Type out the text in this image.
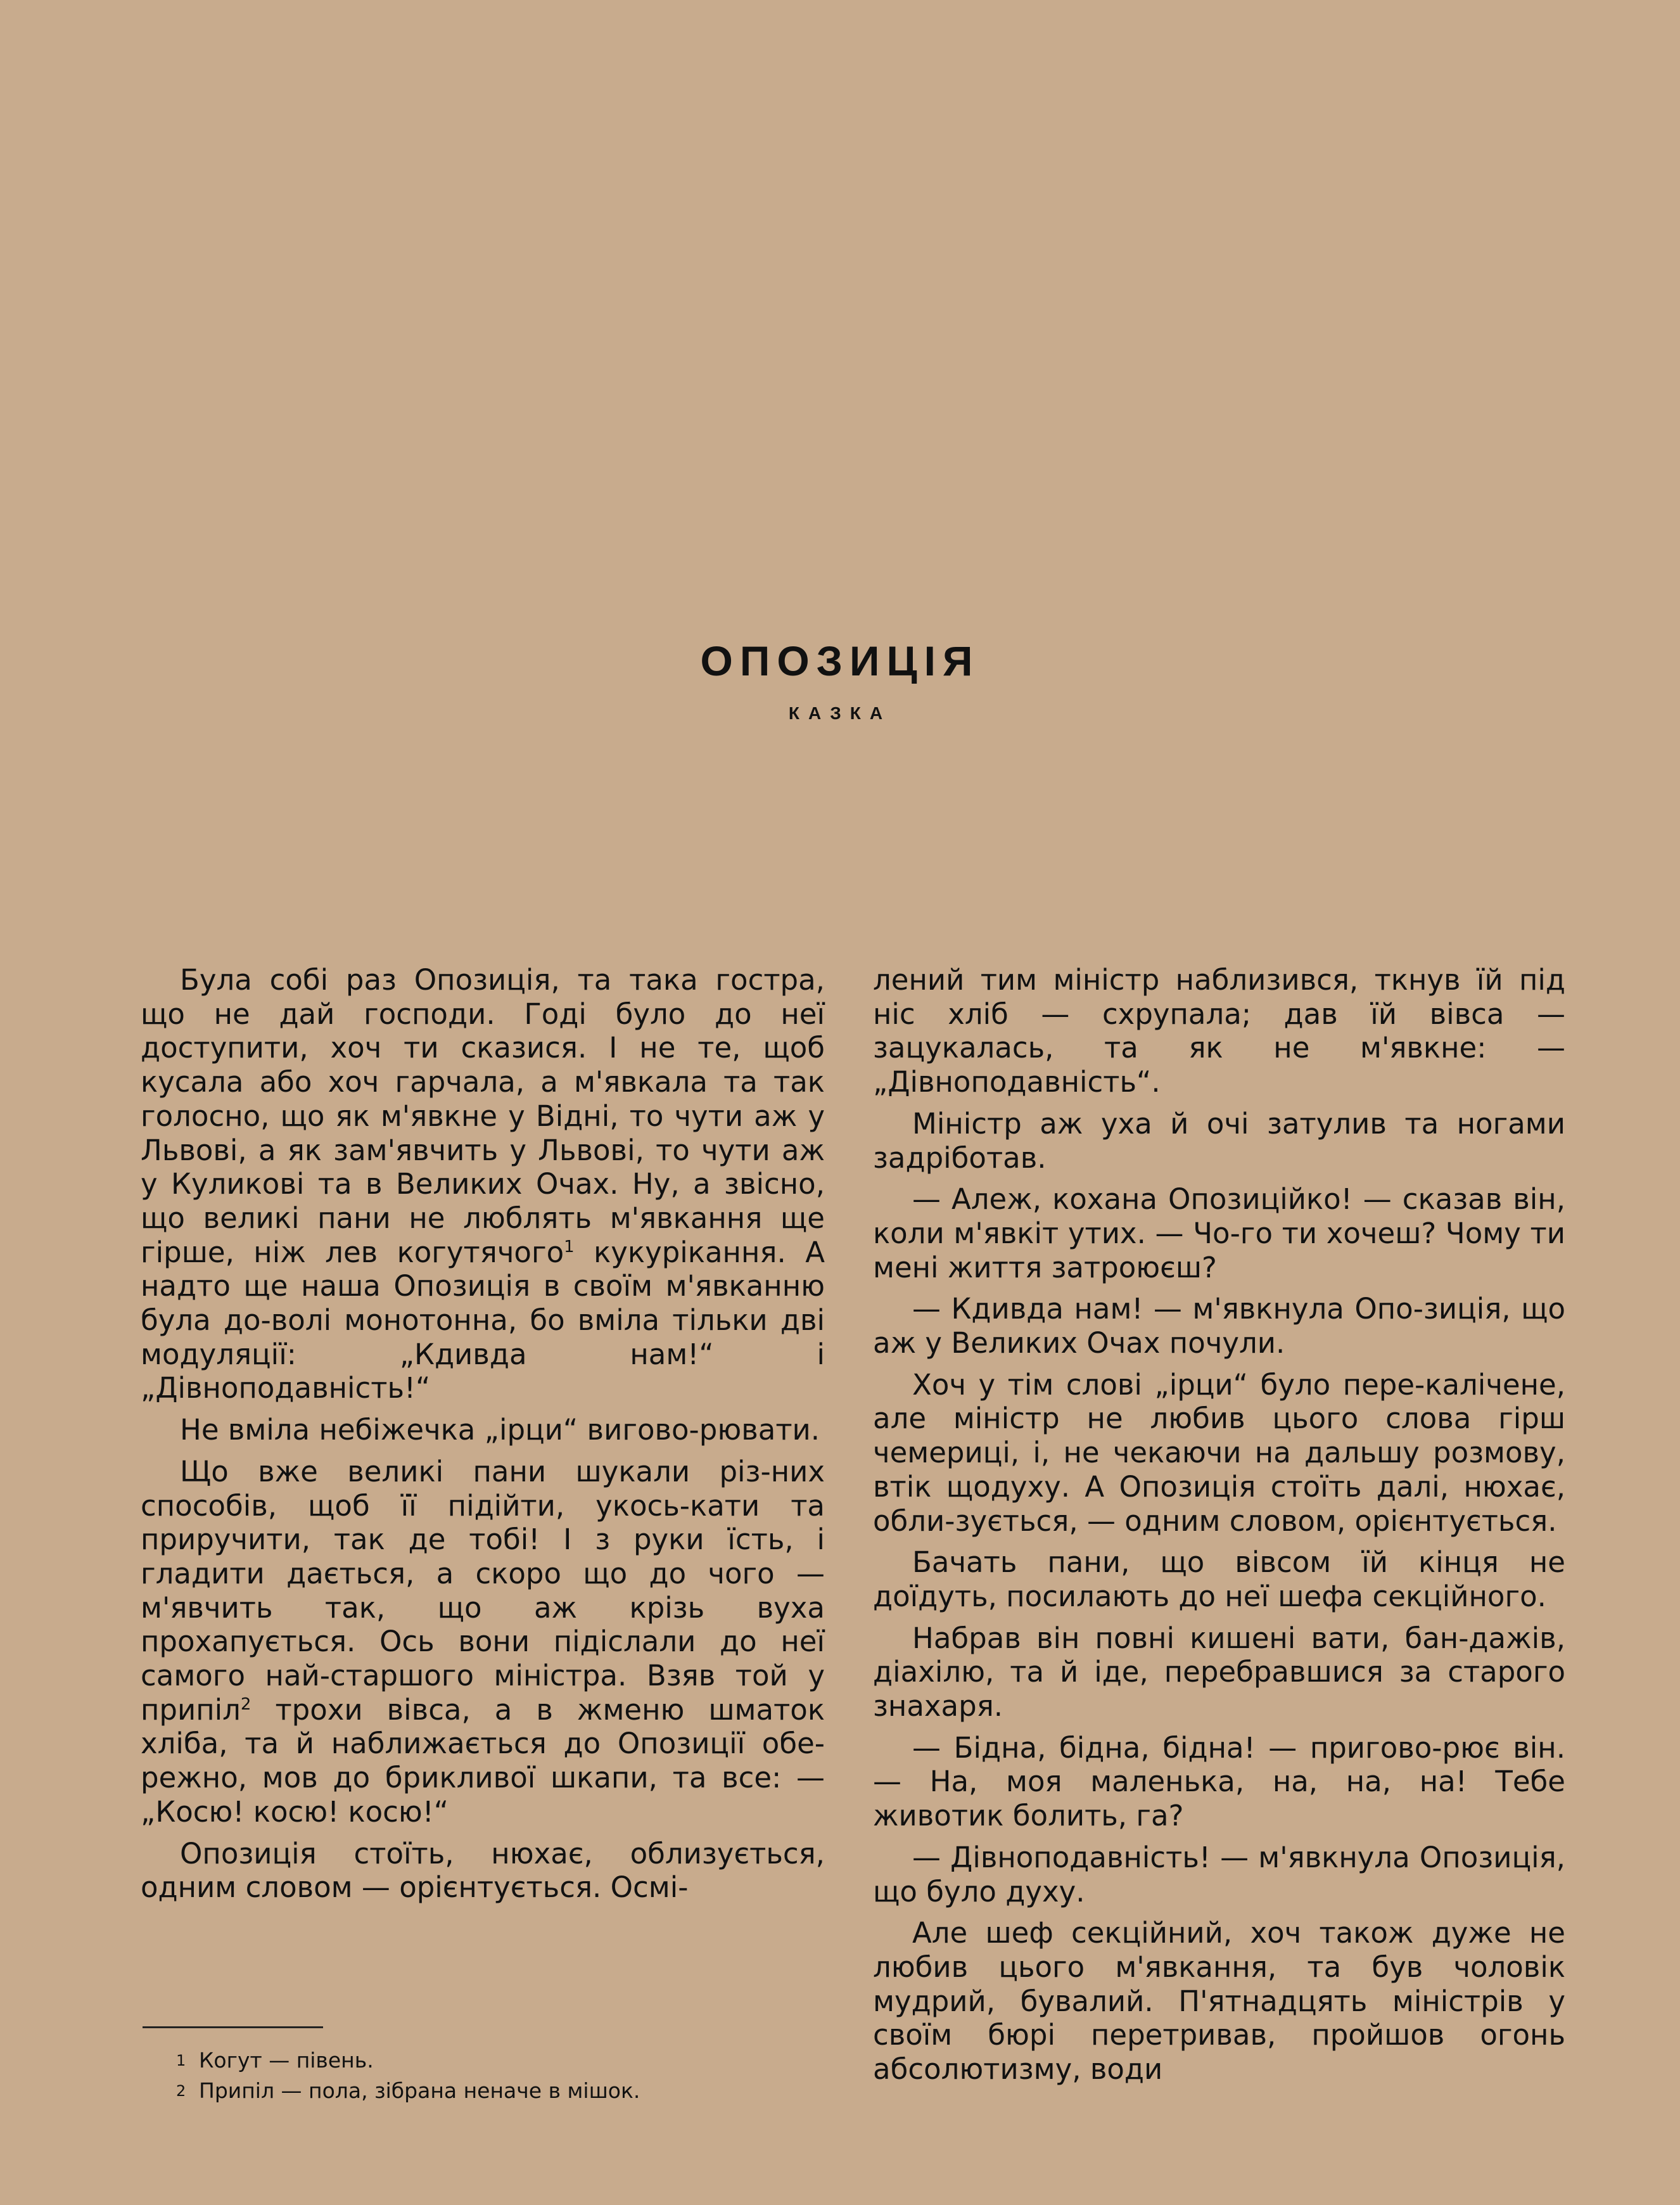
ОПОЗИЦІЯ
КАЗКА

Була собі раз Опозиція, та така гостра, що не дай господи. Годі було до неї доступити, хоч ти сказися. І не те, щоб кусала або хоч гарчала, а м'явкала та так голосно, що як м'явкне у Відні, то чути аж у Львові, а як зам'явчить у Львові, то чути аж у Куликові та в Великих Очах. Ну, а звісно, що великі пани не люблять м'явкання ще гірше, ніж лев когутячого$^1$ кукурікання. А надто ще наша Опозиція в своїм м'явканню була до-волі монотонна, бо вміла тільки дві модуляції: „Кдивда нам!“ і „Дівноподавність!“

Не вміла небіжечка „ірци“ вигово-рювати.

Що вже великі пани шукали різ-них способів, щоб її підійти, укось-кати та приручити, так де тобі! І з руки їсть, і гладити дається, а скоро що до чого — м'явчить так, що аж крізь вуха прохапується. Ось вони підіслали до неї самого най-старшого міністра. Взяв той у припіл$^2$ трохи вівса, а в жменю шматок хліба, та й наближається до Опозиції обе-режно, мов до брикливої шкапи, та все: — „Косю! косю! косю!“

Опозиція стоїть, нюхає, облизується, одним словом — орієнтується. Осмі-

лений тим міністр наблизився, ткнув їй під ніс хліб — схрупала; дав їй вівса — зацукалась, та як не м'явкне: — „Дівноподавність“.

Міністр аж уха й очі затулив та ногами задріботав.

— Алеж, кохана Опозиційко! — сказав він, коли м'явкіт утих. — Чо-го ти хочеш? Чому ти мені життя затроюєш?

— Кдивда нам! — м'явкнула Опо-зиція, що аж у Великих Очах почули.

Хоч у тім слові „ірци“ було пере-калічене, але міністр не любив цього слова гірш чемериці, і, не чекаючи на дальшу розмову, втік щодуху. А Опозиція стоїть далі, нюхає, обли-зується, — одним словом, орієнтується.

Бачать пани, що вівсом їй кінця не доїдуть, посилають до неї шефа секційного.

Набрав він повні кишені вати, бан-дажів, діахілю, та й іде, перебравшися за старого знахаря.

— Бідна, бідна, бідна! — пригово-рює він. — На, моя маленька, на, на, на! Тебе животик болить, га?

— Дівноподавність! — м'явкнула Опозиція, що було духу.

Але шеф секційний, хоч також дуже не любив цього м'явкання, та був чоловік мудрий, бувалий. П'ятнадцять міністрів у своїм бюрі перетривав, пройшов огонь абсолютизму, води

1 Когут — півень.

2 Припіл — пола, зібрана неначе в мішок.
